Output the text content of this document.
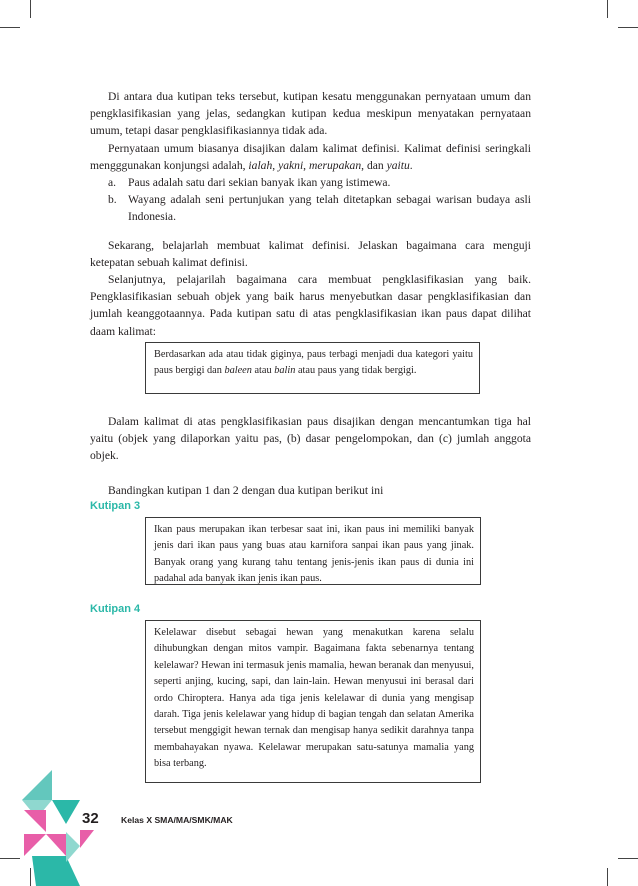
Di antara dua kutipan teks tersebut, kutipan kesatu menggunakan pernyataan umum dan pengklasifikasian yang jelas, sedangkan kutipan kedua meskipun menyatakan pernyataan umum, tetapi dasar pengklasifikasiannya tidak ada.

Pernyataan umum biasanya disajikan dalam kalimat definisi. Kalimat definisi seringkali mengggunakan konjungsi adalah, ialah, yakni, merupakan, dan yaitu.

a. Paus adalah satu dari sekian banyak ikan yang istimewa.
b. Wayang adalah seni pertunjukan yang telah ditetapkan sebagai warisan budaya asli Indonesia.

Sekarang, belajarlah membuat kalimat definisi. Jelaskan bagaimana cara menguji ketepatan sebuah kalimat definisi.

Selanjutnya, pelajarilah bagaimana cara membuat pengklasifikasian yang baik. Pengklasifikasian sebuah objek yang baik harus menyebutkan dasar pengklasifikasian dan jumlah keanggotaannya. Pada kutipan satu di atas pengklasifikasian ikan paus dapat dilihat daam kalimat:

Berdasarkan ada atau tidak giginya, paus terbagi menjadi dua kategori yaitu paus bergigi dan baleen atau balin atau paus yang tidak bergigi.

Dalam kalimat di atas pengklasifikasian paus disajikan dengan mencantumkan tiga hal yaitu (objek yang dilaporkan yaitu pas, (b) dasar pengelompokan, dan (c) jumlah anggota objek.

Bandingkan kutipan 1 dan 2 dengan dua kutipan berikut ini

Kutipan 3

Ikan paus merupakan ikan terbesar saat ini, ikan paus ini memiliki banyak jenis dari ikan paus yang buas atau karnifora sanpai ikan paus yang jinak. Banyak orang yang kurang tahu tentang jenis-jenis ikan paus di dunia ini padahal ada banyak ikan jenis ikan paus.

Kutipan 4

Kelelawar disebut sebagai hewan yang menakutkan karena selalu dihubungkan dengan mitos vampir. Bagaimana fakta sebenarnya tentang kelelawar? Hewan ini termasuk jenis mamalia, hewan beranak dan menyusui, seperti anjing, kucing, sapi, dan lain-lain. Hewan menyusui ini berasal dari ordo Chiroptera. Hanya ada tiga jenis kelelawar di dunia yang mengisap darah. Tiga jenis kelelawar yang hidup di bagian tengah dan selatan Amerika tersebut menggigit hewan ternak dan mengisap hanya sedikit darahnya tanpa membahayakan nyawa. Kelelawar merupakan satu-satunya mamalia yang bisa terbang.

32	Kelas X SMA/MA/SMK/MAK
